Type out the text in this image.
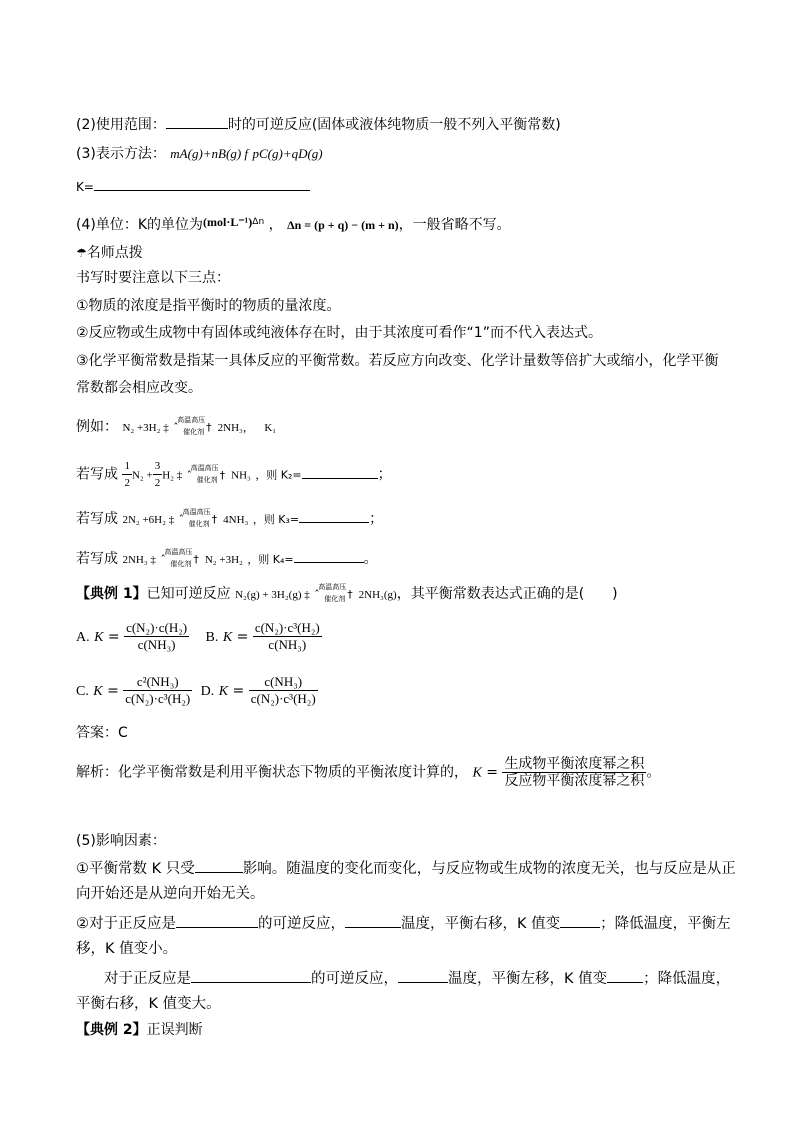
(2)使用范围：	时的可逆反应(固体或液体纯物质一般不列入平衡常数)
(3)表示方法： mA(g)+nB(g) f pC(g)+qD(g)
K=
(4)单位：K的单位为$(mol\cdot L^{-1})^{\Delta n}$ ， Δn = (p + q) − (m + n)，一般省略不写。
☂名师点拨
书写时要注意以下三点：
①物质的浓度是指平衡时的物质的量浓度。
②反应物或生成物中有固体或纯液体存在时，由于其浓度可看作“1”而不代入表达式。
③化学平衡常数是指某一具体反应的平衡常数。若反应方向改变、化学计量数等倍扩大或缩小，化学平衡
常数都会相应改变。
例如： N₂ +3H₂ ‡ ˆ
高温高压
催化剂 † 2NH₃， K₁
若写成 $\frac{1}{2} N_2 + \frac{3}{2} H_2$ ‡ ˆ
高温高压
催化剂 † NH₃ ，则 K₂=	；
若写成 2N₂ +6H₂ ‡ ˆ
高温高压
催化剂 † 4NH₃ ，则 K₃=	；
若写成 2NH₃ ‡ ˆ
高温高压
催化剂 † N₂ +3H₂ ，则 K₄=	。
【典例 1】已知可逆反应 N₂(g) + 3H₂(g) ‡ ˆ
高温高压
催化剂 † 2NH₃(g)，其平衡常数表达式正确的是(　　)
A. $K = \frac{\text{c(N₂)·c(H₂)}}{\text{c(NH₃)}} B$. $K = \frac{\text{c(N₂)·c³(H₂)}}{\text{c(NH₃)}}$
C. $K = \frac{\text{c²(NH₃)}}{\text{c(N₂)·c³(H₂)}} D$. $K = \frac{\text{c(NH₃)}}{\text{c(N₂)·c³(H₂)}}$
答案：C
解析：化学平衡常数是利用平衡状态下物质的平衡浓度计算的， $K = \frac{\text{生成物平衡浓度幂之积}}{\text{反应物平衡浓度幂之积}}$ 。
(5)影响因素：
①平衡常数 K 只受	影响。随温度的变化而变化，与反应物或生成物的浓度无关，也与反应是从正
向开始还是从逆向开始无关。
②对于正反应是	的可逆反应，	温度，平衡右移，K 值变	；降低温度，平衡左
移，K 值变小。
对于正反应是	的可逆反应，	温度，平衡左移，K 值变 ；降低温度，
平衡右移，K 值变大。
【典例 2】正误判断
